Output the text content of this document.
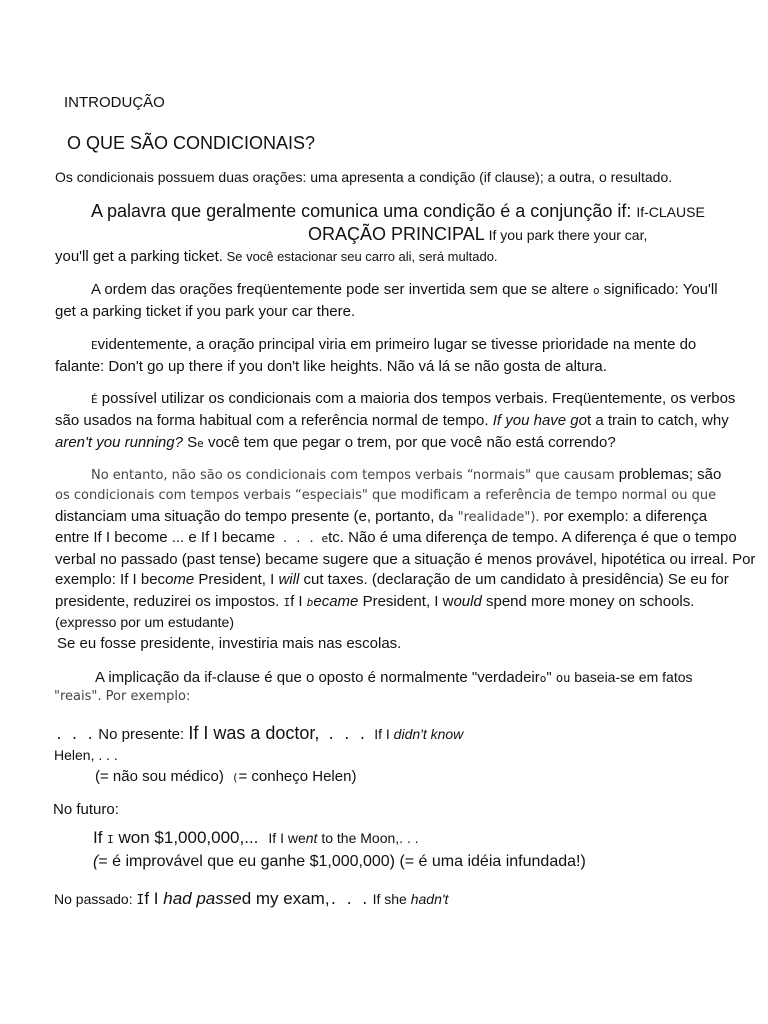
INTRODUÇÃO
O QUE SÃO CONDICIONAIS?
Os condicionais possuem duas orações: uma apresenta a condição (if clause); a outra, o resultado.
A palavra que geralmente comunica uma condição é a conjunção if: If-CLAUSE
ORAÇÃO PRINCIPAL If you park there your car,
you'll get a parking ticket. Se você estacionar seu carro ali, será multado.
A ordem das orações freqüentemente pode ser invertida sem que se altere o significado: You'll
get a parking ticket if you park your car there.
Evidentemente, a oração principal viria em primeiro lugar se tivesse prioridade na mente do
falante: Don't go up there if you don't like heights. Não vá lá se não gosta de altura.
É possível utilizar os condicionais com a maioria dos tempos verbais. Freqüentemente, os verbos
são usados na forma habitual com a referência normal de tempo. If you have got a train to catch, why
aren't you running? Se você tem que pegar o trem, por que você não está correndo?
No entanto, não são os condicionais com tempos verbais “normais" que causam problemas; são
os condicionais com tempos verbais “especiais" que modificam a referência de tempo normal ou que
distanciam uma situação do tempo presente (e, portanto, da "realidade"). Por exemplo: a diferença
entre If I become ... e If I became . . . etc. Não é uma diferença de tempo. A diferença é que o tempo
verbal no passado (past tense) became sugere que a situação é menos provável, hipotética ou irreal. Por
exemplo: If I become President, I will cut taxes. (declaração de um candidato à presidência) Se eu for
presidente, reduzirei os impostos. If I became President, I would spend more money on schools.
(expresso por um estudante)
Se eu fosse presidente, investiria mais nas escolas.
A implicação da if-clause é que o oposto é normalmente "verdadeiro" ou baseia-se em fatos
"reais". Por exemplo:
. . . No presente: If I was a doctor, . . . If I didn't know
Helen, . . .
(= não sou médico) (= conheço Helen)
No futuro:
If I won $1,000,000,... If I went to the Moon,. . .
(= é improvável que eu ganhe $1,000,000) (= é uma idéia infundada!)
No passado: If I had passed my exam,. . . If she hadn't
